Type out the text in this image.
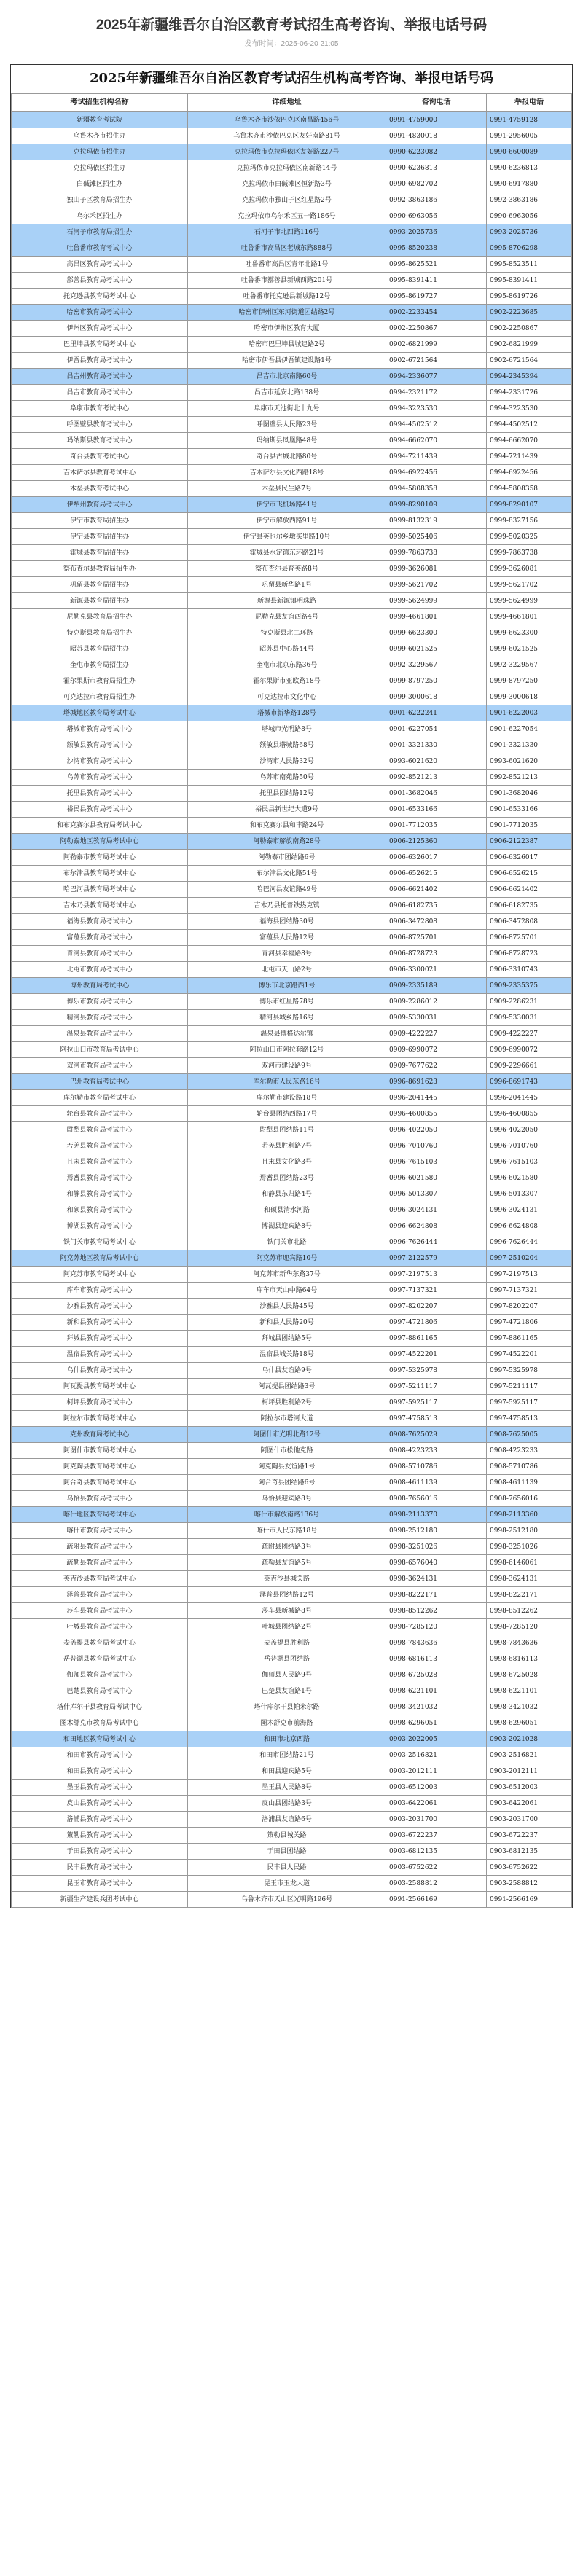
2025年新疆维吾尔自治区教育考试招生高考咨询、举报电话号码
发布时间：2025-06-20 21:05
2025年新疆维吾尔自治区教育考试招生机构高考咨询、举报电话号码
考试招生机构名称	详细地址	咨询电话	举报电话
新疆教育考试院	乌鲁木齐市沙依巴克区南昌路456号	0991-4759000	0991-4759128
乌鲁木齐市招生办	乌鲁木齐市沙依巴克区友好南路81号	0991-4830018	0991-2956005
克拉玛依市招生办	克拉玛依市克拉玛依区友好路227号	0990-6223082	0990-6600089
克拉玛依区招生办	克拉玛依市克拉玛依区南新路14号	0990-6236813	0990-6236813
白碱滩区招生办	克拉玛依市白碱滩区恒新路3号	0990-6982702	0990-6917880
独山子区教育局招生办	克拉玛依市独山子区红星路2号	0992-3863186	0992-3863186
乌尔禾区招生办	克拉玛依市乌尔禾区五一路186号	0990-6963056	0990-6963056
石河子市教育局招生办	石河子市北四路116号	0993-2025736	0993-2025736
吐鲁番市教育考试中心	吐鲁番市高昌区老城东路888号	0995-8520238	0995-8706298
高昌区教育局考试中心	吐鲁番市高昌区青年北路1号	0995-8625521	0995-8523511
鄯善县教育局考试中心	吐鲁番市鄯善县新城西路201号	0995-8391411	0995-8391411
托克逊县教育局考试中心	吐鲁番市托克逊县新城路12号	0995-8619727	0995-8619726
哈密市教育局考试中心	哈密市伊州区东河街道团结路2号	0902-2233454	0902-2223685
伊州区教育局考试中心	哈密市伊州区教育大厦	0902-2250867	0902-2250867
巴里坤县教育局考试中心	哈密市巴里坤县城建路2号	0902-6821999	0902-6821999
伊吾县教育局考试中心	哈密市伊吾县伊吾镇建设路1号	0902-6721564	0902-6721564
昌吉州教育局考试中心	昌吉市北京南路60号	0994-2336077	0994-2345394
昌吉市教育局考试中心	昌吉市延安北路138号	0994-2321172	0994-2331726
阜康市教育考试中心	阜康市天池街北十九号	0994-3223530	0994-3223530
呼图壁县教育考试中心	呼图壁县人民路23号	0994-4502512	0994-4502512
玛纳斯县教育考试中心	玛纳斯县凤凰路48号	0994-6662070	0994-6662070
奇台县教育考试中心	奇台县古城北路80号	0994-7211439	0994-7211439
吉木萨尔县教育考试中心	吉木萨尔县文化西路18号	0994-6922456	0994-6922456
木垒县教育考试中心	木垒县民生路7号	0994-5808358	0994-5808358
伊犁州教育局考试中心	伊宁市飞机场路41号	0999-8290109	0999-8290107
伊宁市教育局招生办	伊宁市解放西路91号	0999-8132319	0999-8327156
伊宁县教育局招生办	伊宁县英也尔乡墩买里路10号	0999-5025406	0999-5020325
霍城县教育局招生办	霍城县水定镇东环路21号	0999-7863738	0999-7863738
察布查尔县教育局招生办	察布查尔县育英路8号	0999-3626081	0999-3626081
巩留县教育局招生办	巩留县新华路1号	0999-5621702	0999-5621702
新源县教育局招生办	新源县新源镇明珠路	0999-5624999	0999-5624999
尼勒克县教育局招生办	尼勒克县友谊西路4号	0999-4661801	0999-4661801
特克斯县教育局招生办	特克斯县北二环路	0999-6623300	0999-6623300
昭苏县教育局招生办	昭苏县中心路44号	0999-6021525	0999-6021525
奎屯市教育局招生办	奎屯市北京东路36号	0992-3229567	0992-3229567
霍尔果斯市教育局招生办	霍尔果斯市亚欧路18号	0999-8797250	0999-8797250
可克达拉市教育局招生办	可克达拉市文化中心	0999-3000618	0999-3000618
塔城地区教育局考试中心	塔城市新华路128号	0901-6222241	0901-6222003
塔城市教育局考试中心	塔城市光明路8号	0901-6227054	0901-6227054
额敏县教育局考试中心	额敏县塔城路68号	0901-3321330	0901-3321330
沙湾市教育局考试中心	沙湾市人民路32号	0993-6021620	0993-6021620
乌苏市教育局考试中心	乌苏市南苑路50号	0992-8521213	0992-8521213
托里县教育局考试中心	托里县团结路12号	0901-3682046	0901-3682046
裕民县教育局考试中心	裕民县新世纪大道9号	0901-6533166	0901-6533166
和布克赛尔县教育局考试中心	和布克赛尔县和丰路24号	0901-7712035	0901-7712035
阿勒泰地区教育局考试中心	阿勒泰市解放南路28号	0906-2125360	0906-2122387
阿勒泰市教育局考试中心	阿勒泰市团结路6号	0906-6326017	0906-6326017
布尔津县教育局考试中心	布尔津县文化路51号	0906-6526215	0906-6526215
哈巴河县教育局考试中心	哈巴河县友谊路49号	0906-6621402	0906-6621402
吉木乃县教育局考试中心	吉木乃县托普铁热克镇	0906-6182735	0906-6182735
福海县教育局考试中心	福海县团结路30号	0906-3472808	0906-3472808
富蕴县教育局考试中心	富蕴县人民路12号	0906-8725701	0906-8725701
青河县教育局考试中心	青河县幸福路8号	0906-8728723	0906-8728723
北屯市教育局考试中心	北屯市天山路2号	0906-3300021	0906-3310743
博州教育局考试中心	博乐市北京路西1号	0909-2335189	0909-2335375
博乐市教育局考试中心	博乐市红星路78号	0909-2286012	0909-2286231
精河县教育局考试中心	精河县城乡路16号	0909-5330031	0909-5330031
温泉县教育局考试中心	温泉县博格达尔镇	0909-4222227	0909-4222227
阿拉山口市教育局考试中心	阿拉山口市阿拉套路12号	0909-6990072	0909-6990072
双河市教育局考试中心	双河市建设路9号	0909-7677622	0909-2296661
巴州教育局考试中心	库尔勒市人民东路16号	0996-8691623	0996-8691743
库尔勒市教育局考试中心	库尔勒市建设路18号	0996-2041445	0996-2041445
轮台县教育局考试中心	轮台县团结西路17号	0996-4600855	0996-4600855
尉犁县教育局考试中心	尉犁县团结路11号	0996-4022050	0996-4022050
若羌县教育局考试中心	若羌县胜利路7号	0996-7010760	0996-7010760
且末县教育局考试中心	且末县文化路3号	0996-7615103	0996-7615103
焉耆县教育局考试中心	焉耆县团结路23号	0996-6021580	0996-6021580
和静县教育局考试中心	和静县东归路4号	0996-5013307	0996-5013307
和硕县教育局考试中心	和硕县清水河路	0996-3024131	0996-3024131
博湖县教育局考试中心	博湖县迎宾路8号	0996-6624808	0996-6624808
铁门关市教育局考试中心	铁门关市北路	0996-7626444	0996-7626444
阿克苏地区教育局考试中心	阿克苏市迎宾路10号	0997-2122579	0997-2510204
阿克苏市教育局考试中心	阿克苏市新华东路37号	0997-2197513	0997-2197513
库车市教育局考试中心	库车市天山中路64号	0997-7137321	0997-7137321
沙雅县教育局考试中心	沙雅县人民路45号	0997-8202207	0997-8202207
新和县教育局考试中心	新和县人民路20号	0997-4721806	0997-4721806
拜城县教育局考试中心	拜城县团结路5号	0997-8861165	0997-8861165
温宿县教育局考试中心	温宿县城关路18号	0997-4522201	0997-4522201
乌什县教育局考试中心	乌什县友谊路9号	0997-5325978	0997-5325978
阿瓦提县教育局考试中心	阿瓦提县团结路3号	0997-5211117	0997-5211117
柯坪县教育局考试中心	柯坪县胜利路2号	0997-5925117	0997-5925117
阿拉尔市教育局考试中心	阿拉尔市塔河大道	0997-4758513	0997-4758513
克州教育局考试中心	阿图什市光明北路12号	0908-7625029	0908-7625005
阿图什市教育局考试中心	阿图什市松他克路	0908-4223233	0908-4223233
阿克陶县教育局考试中心	阿克陶县友谊路1号	0908-5710786	0908-5710786
阿合奇县教育局考试中心	阿合奇县团结路6号	0908-4611139	0908-4611139
乌恰县教育局考试中心	乌恰县迎宾路8号	0908-7656016	0908-7656016
喀什地区教育局考试中心	喀什市解放南路136号	0998-2113370	0998-2113360
喀什市教育局考试中心	喀什市人民东路18号	0998-2512180	0998-2512180
疏附县教育局考试中心	疏附县团结路3号	0998-3251026	0998-3251026
疏勒县教育局考试中心	疏勒县友谊路5号	0998-6576040	0998-6146061
英吉沙县教育局考试中心	英吉沙县城关路	0998-3624131	0998-3624131
泽普县教育局考试中心	泽普县团结路12号	0998-8222171	0998-8222171
莎车县教育局考试中心	莎车县新城路8号	0998-8512262	0998-8512262
叶城县教育局考试中心	叶城县团结路2号	0998-7285120	0998-7285120
麦盖提县教育局考试中心	麦盖提县胜利路	0998-7843636	0998-7843636
岳普湖县教育局考试中心	岳普湖县团结路	0998-6816113	0998-6816113
伽师县教育局考试中心	伽师县人民路9号	0998-6725028	0998-6725028
巴楚县教育局考试中心	巴楚县友谊路1号	0998-6221101	0998-6221101
塔什库尔干县教育局考试中心	塔什库尔干县帕米尔路	0998-3421032	0998-3421032
图木舒克市教育局考试中心	图木舒克市前海路	0998-6296051	0998-6296051
和田地区教育局考试中心	和田市北京西路	0903-2022005	0903-2021028
和田市教育局考试中心	和田市团结路21号	0903-2516821	0903-2516821
和田县教育局考试中心	和田县迎宾路5号	0903-2012111	0903-2012111
墨玉县教育局考试中心	墨玉县人民路8号	0903-6512003	0903-6512003
皮山县教育局考试中心	皮山县团结路3号	0903-6422061	0903-6422061
洛浦县教育局考试中心	洛浦县友谊路6号	0903-2031700	0903-2031700
策勒县教育局考试中心	策勒县城关路	0903-6722237	0903-6722237
于田县教育局考试中心	于田县团结路	0903-6812135	0903-6812135
民丰县教育局考试中心	民丰县人民路	0903-6752622	0903-6752622
昆玉市教育局考试中心	昆玉市玉龙大道	0903-2588812	0903-2588812
新疆生产建设兵团考试中心	乌鲁木齐市天山区光明路196号	0991-2566169	0991-2566169
